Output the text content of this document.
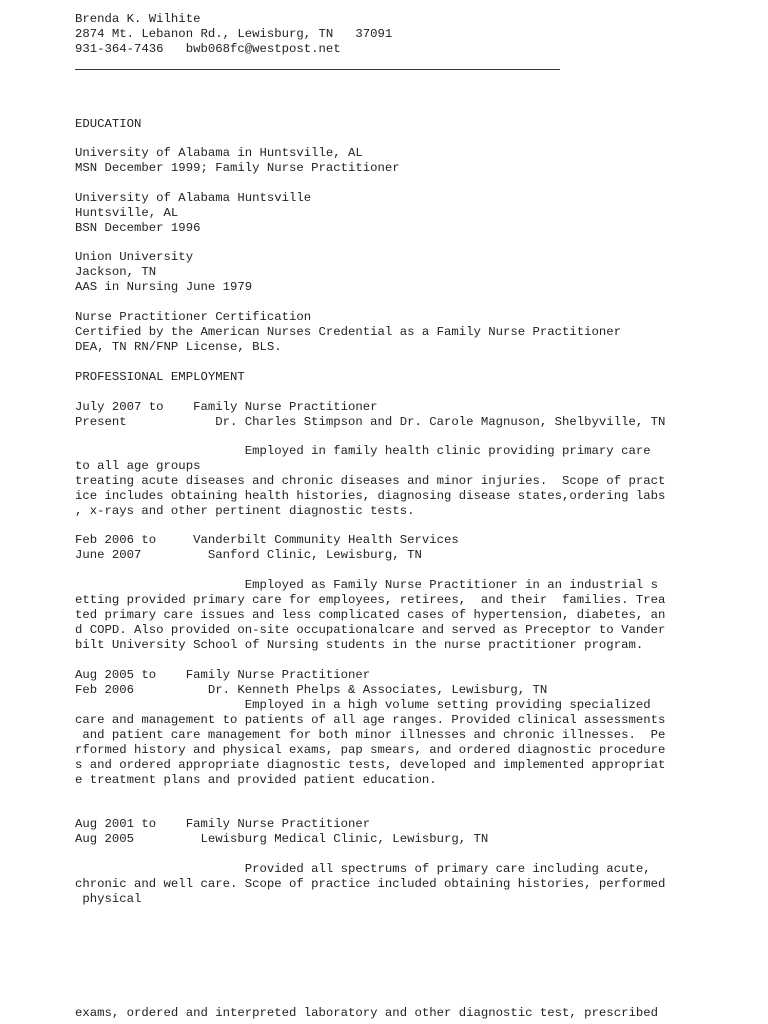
Brenda K. Wilhite

2874 Mt. Lebanon Rd., Lewisburg, TN   37091

931-364-7436   bwb068fc@westpost.net

EDUCATION

University of Alabama in Huntsville, AL

MSN December 1999; Family Nurse Practitioner

University of Alabama Huntsville

Huntsville, AL

BSN December 1996

Union University

Jackson, TN

AAS in Nursing June 1979

Nurse Practitioner Certification

Certified by the American Nurses Credential as a Family Nurse Practitioner

DEA, TN RN/FNP License, BLS.

PROFESSIONAL EMPLOYMENT

July 2007 to    Family Nurse Practitioner

Present            Dr. Charles Stimpson and Dr. Carole Magnuson, Shelbyville, TN

Employed in family health clinic providing primary care

to all age groups

treating acute diseases and chronic diseases and minor injuries.  Scope of pract

ice includes obtaining health histories, diagnosing disease states,ordering labs

, x-rays and other pertinent diagnostic tests.

Feb 2006 to     Vanderbilt Community Health Services

June 2007         Sanford Clinic, Lewisburg, TN

Employed as Family Nurse Practitioner in an industrial s

etting provided primary care for employees, retirees,  and their  families. Trea

ted primary care issues and less complicated cases of hypertension, diabetes, an

d COPD. Also provided on-site occupationalcare and served as Preceptor to Vander

bilt University School of Nursing students in the nurse practitioner program.

Aug 2005 to    Family Nurse Practitioner

Feb 2006          Dr. Kenneth Phelps & Associates, Lewisburg, TN

Employed in a high volume setting providing specialized

care and management to patients of all age ranges. Provided clinical assessments

and patient care management for both minor illnesses and chronic illnesses.  Pe

rformed history and physical exams, pap smears, and ordered diagnostic procedure

s and ordered appropriate diagnostic tests, developed and implemented appropriat

e treatment plans and provided patient education.

Aug 2001 to    Family Nurse Practitioner

Aug 2005         Lewisburg Medical Clinic, Lewisburg, TN

Provided all spectrums of primary care including acute,

chronic and well care. Scope of practice included obtaining histories, performed

physical

exams, ordered and interpreted laboratory and other diagnostic test, prescribed
